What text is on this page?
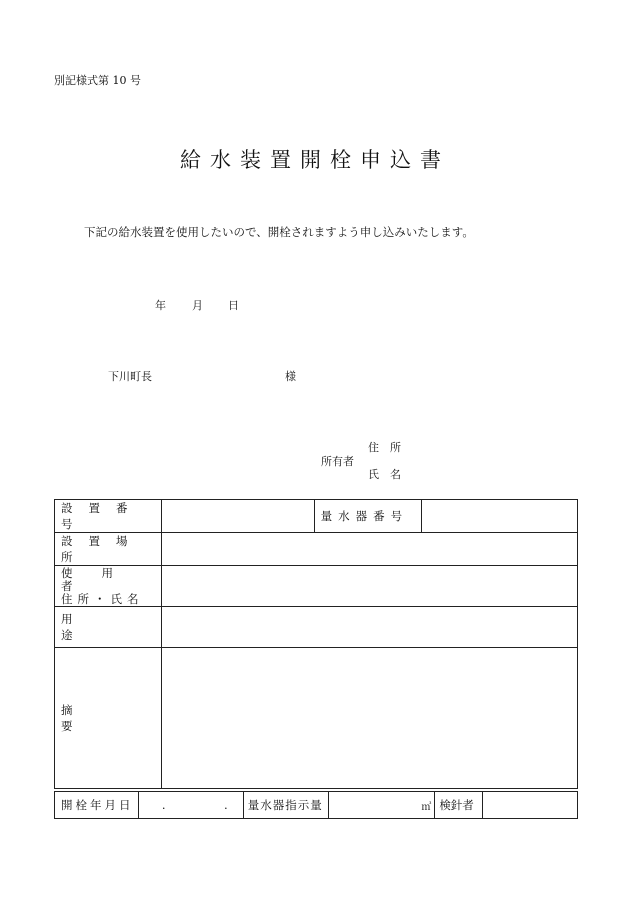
別記様式第 10 号
給水装置開栓申込書
下記の給水装置を使用したいので、開栓されますよう申し込みいたします。
年 月 日
下川町長	様
住　所
所有者
氏　名
設置番号		量水器番号	

設置場所			

使用者
住所・氏名			

用途			

摘要			

開栓年月日	.　　　.	量水器指示量	㎥	検針者
